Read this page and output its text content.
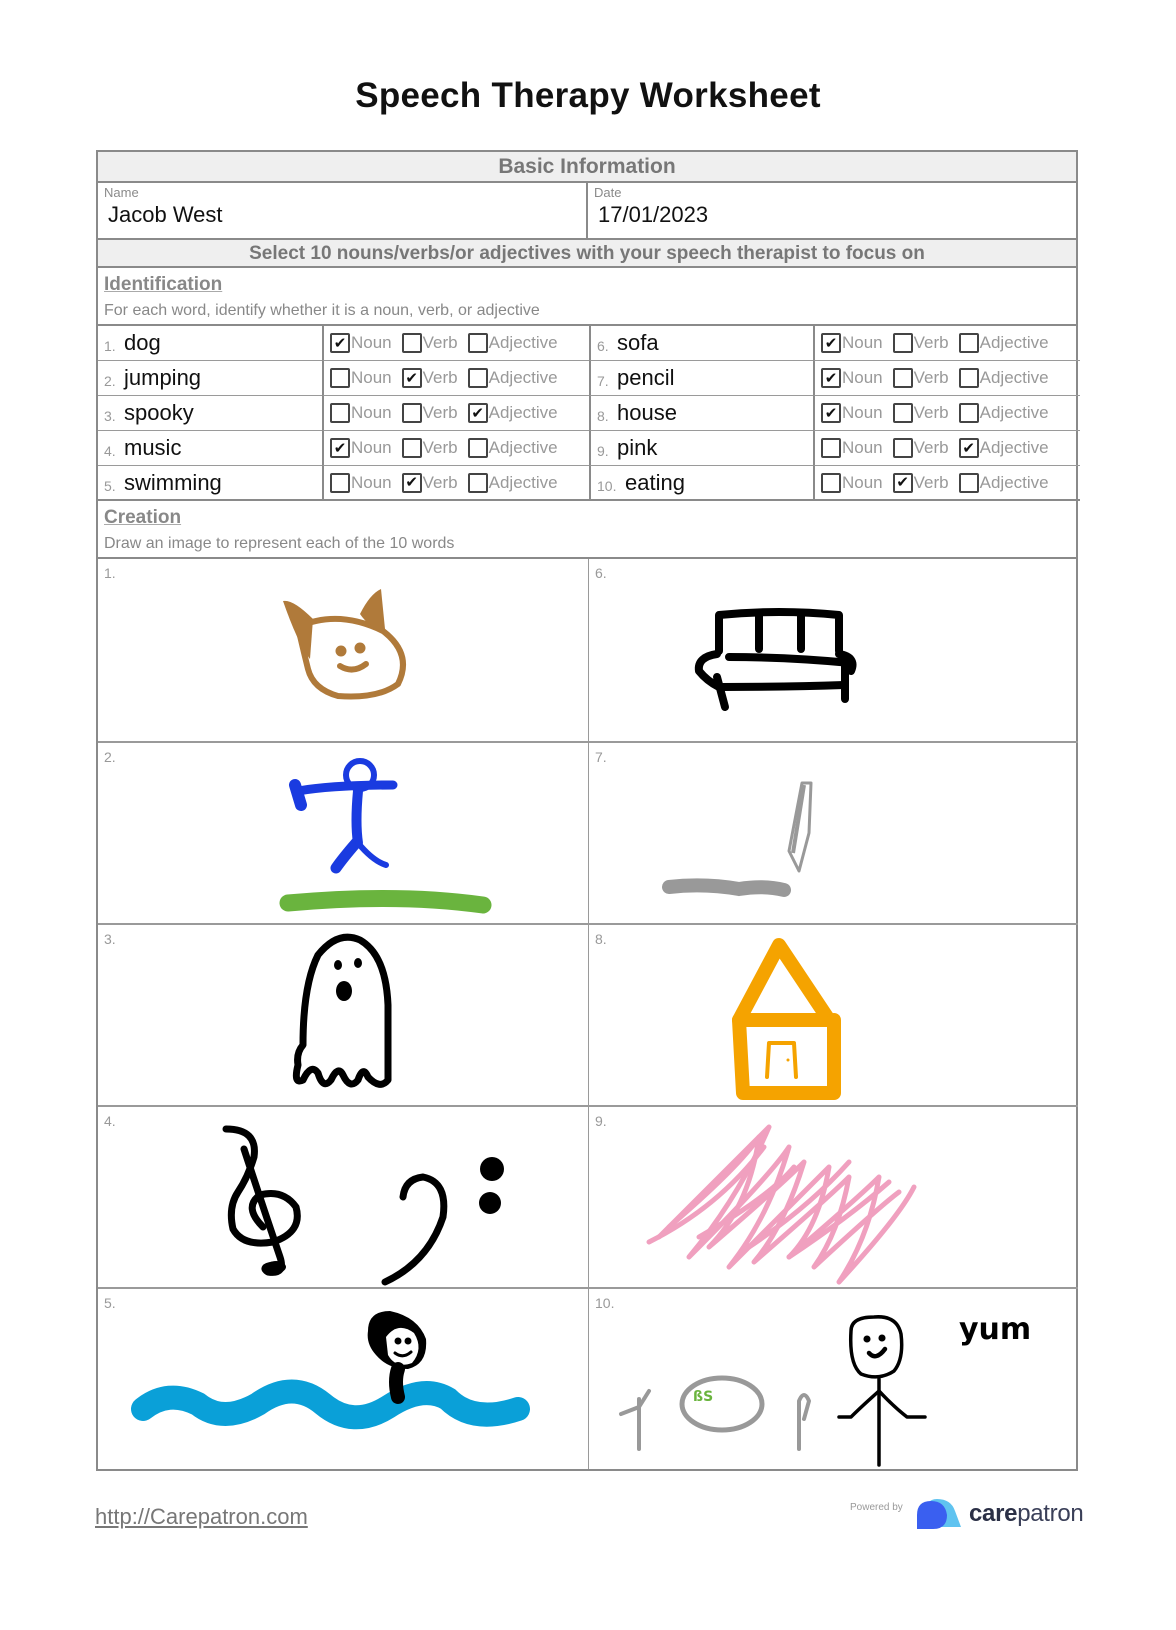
Speech Therapy Worksheet
Basic Information
Name
Jacob West
Date
17/01/2023
Select 10 nouns/verbs/or adjectives with your speech therapist to focus on
Identification
For each word, identify whether it is a noun, verb, or adjective
1. dog	✔ Noun Verb Adjective	6. sofa	✔ Noun Verb Adjective
2. jumping	Noun ✔ Verb Adjective	7. pencil	✔ Noun Verb Adjective
3. spooky	Noun Verb ✔ Adjective	8. house	✔ Noun Verb Adjective
4. music	✔ Noun Verb Adjective	9. pink	Noun Verb ✔ Adjective
5. swimming	Noun ✔ Verb Adjective	10. eating	Noun ✔ Verb Adjective
Creation
Draw an image to represent each of the 10 words
1.	6.
2.	7.
3.	8.
4.	9.
5.	10.
ßS
yum
http://Carepatron.com	Powered by	carepatron
